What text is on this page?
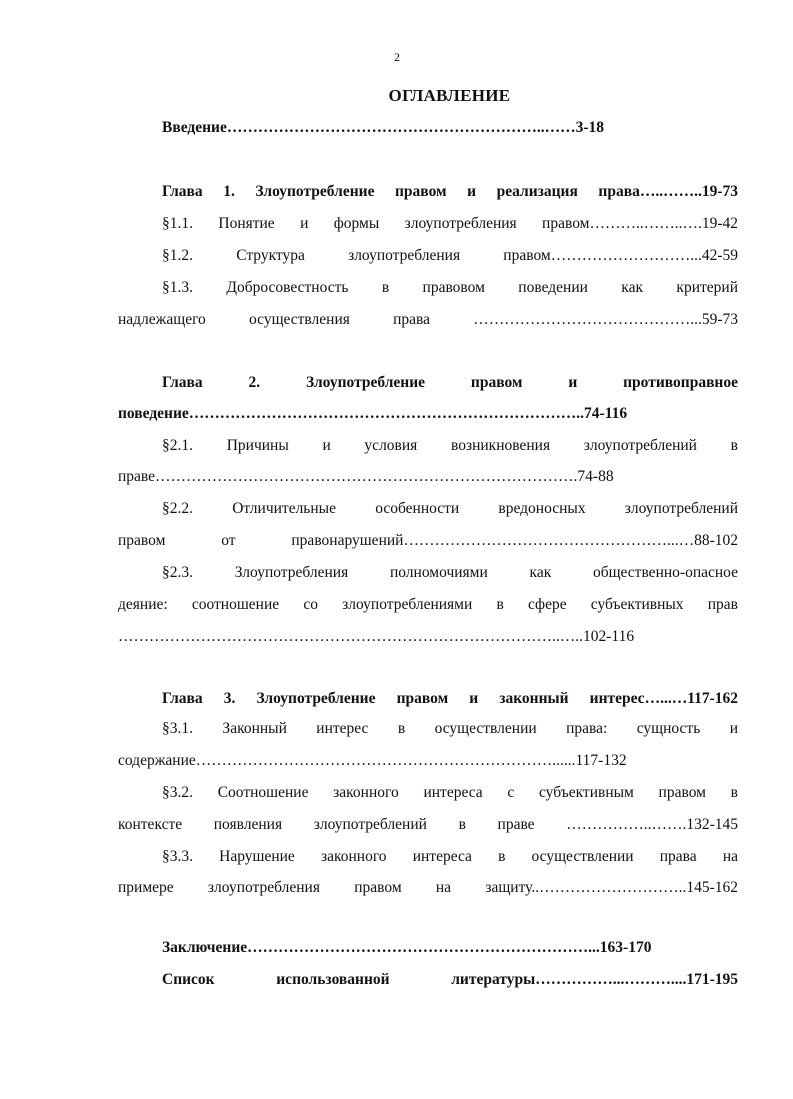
2
ОГЛАВЛЕНИЕ
Введение……………………………………………………..……3-18
Глава 1. Злоупотребление правом и реализация права…..……..19-73
§1.1. Понятие и формы злоупотребления правом………..……..….19-42
§1.2. Структура злоупотребления правом………………………...42-59
§1.3. Добросовестность в правовом поведении как критерий
надлежащего осуществления права ……………………………………...59-73
Глава 2. Злоупотребление правом и противоправное
поведение…………………………………………………………………..74-116
§2.1. Причины и условия возникновения злоупотреблений в
праве……………………………………………………………………….74-88
§2.2. Отличительные особенности вредоносных злоупотреблений
правом от правонарушений……………………………………………...…88-102
§2.3. Злоупотребления полномочиями как общественно-опасное
деяние: соотношение со злоупотреблениями в сфере субъективных прав
…………………………………………………………………………..…..102-116
Глава 3. Злоупотребление правом и законный интерес…...…117-162
§3.1. Законный интерес в осуществлении права: сущность и
содержание……………………………………………………………......117-132
§3.2. Соотношение законного интереса с субъективным правом в
контексте появления злоупотреблений в праве ……………..…….132-145
§3.3. Нарушение законного интереса в осуществлении права на
примере злоупотребления правом на защиту..………………………..145-162
Заключение…………………………………………………………...163-170
Список использованной литературы……………...………....171-195
